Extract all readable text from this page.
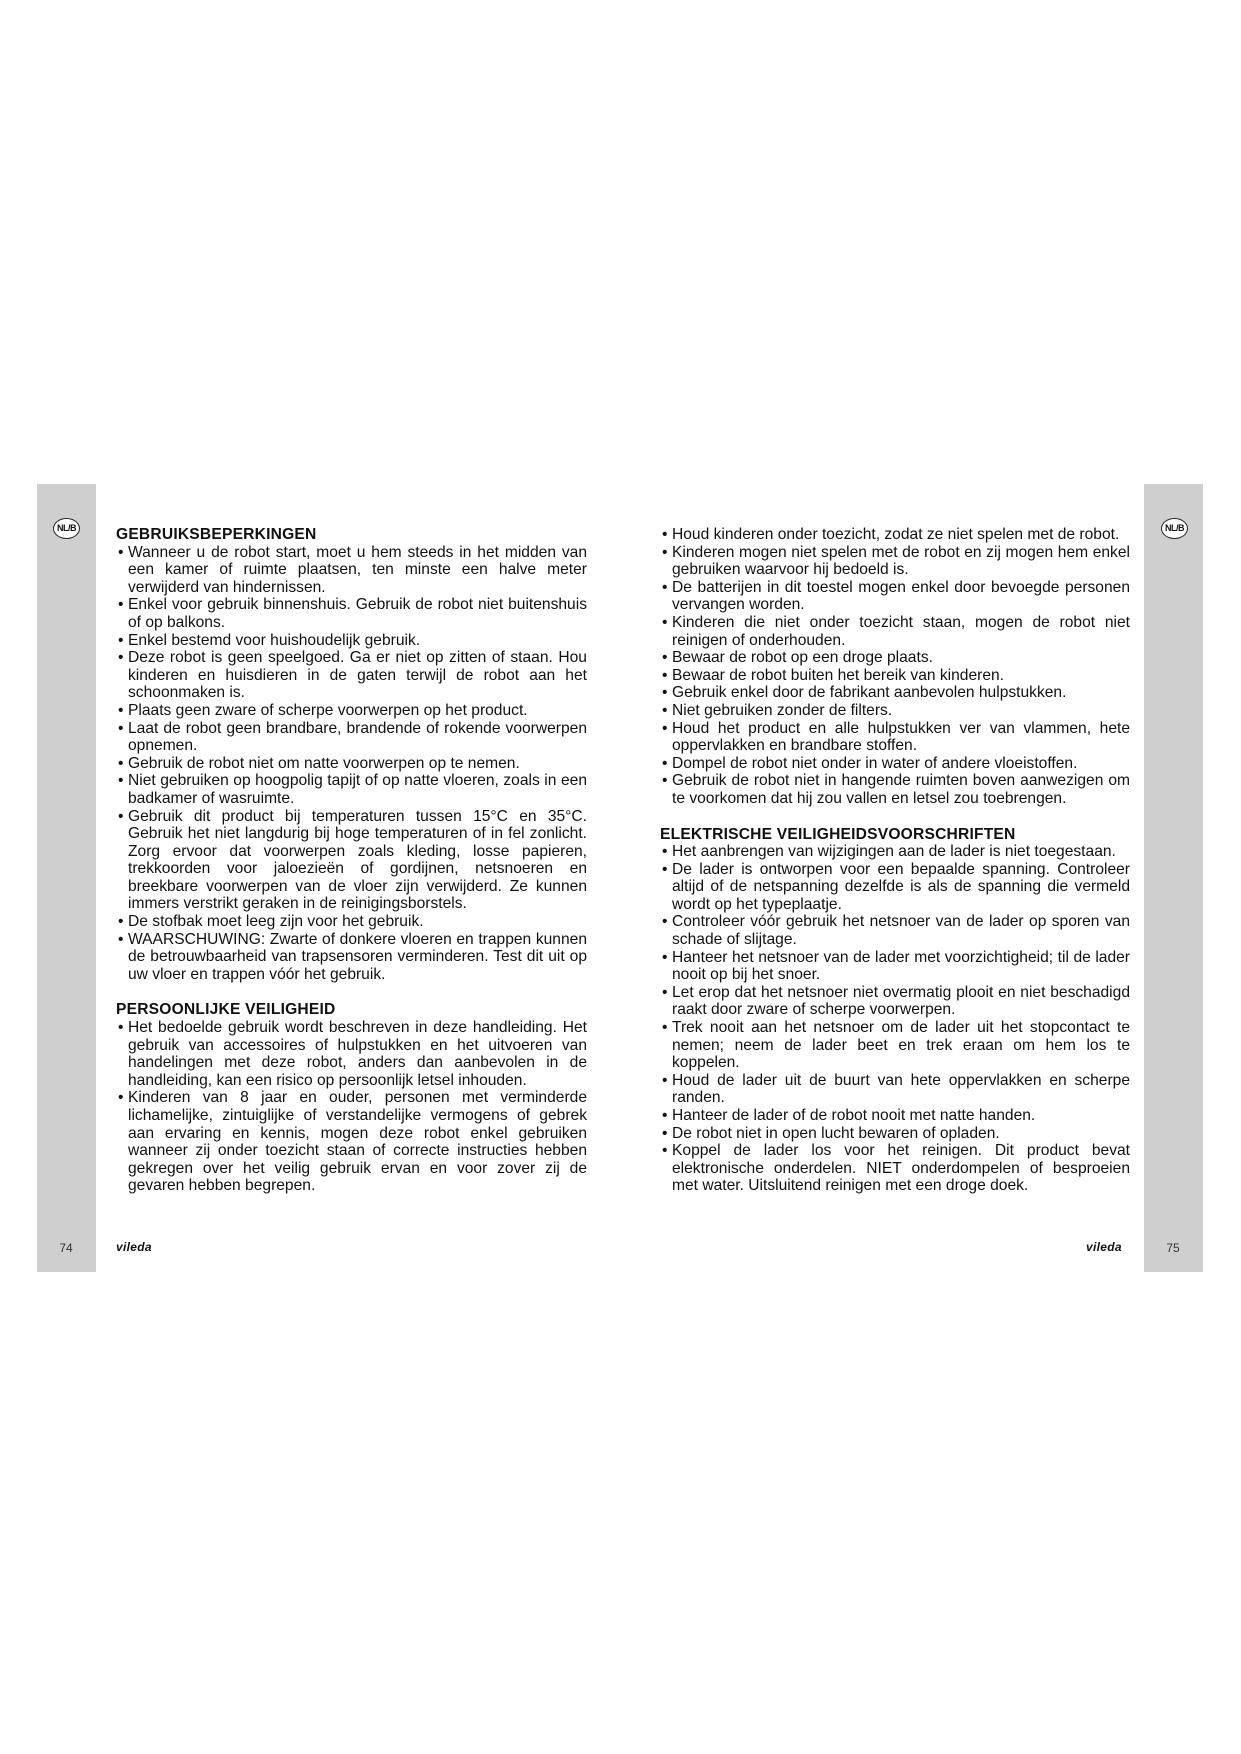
NL/B
74	vileda
GEBRUIKSBEPERKINGEN
• Wanneer u de robot start, moet u hem steeds in het midden van een kamer of ruimte plaatsen, ten minste een halve meter verwijderd van hindernissen.
• Enkel voor gebruik binnenshuis. Gebruik de robot niet buitenshuis of op balkons.
• Enkel bestemd voor huishoudelijk gebruik.
• Deze robot is geen speelgoed. Ga er niet op zitten of staan. Hou kinderen en huisdieren in de gaten terwijl de robot aan het schoonmaken is.
• Plaats geen zware of scherpe voorwerpen op het product.
• Laat de robot geen brandbare, brandende of rokende voorwerpen opnemen.
• Gebruik de robot niet om natte voorwerpen op te nemen.
• Niet gebruiken op hoogpolig tapijt of op natte vloeren, zoals in een badkamer of wasruimte.
• Gebruik dit product bij temperaturen tussen 15°C en 35°C. Gebruik het niet langdurig bij hoge temperaturen of in fel zonlicht. Zorg ervoor dat voorwerpen zoals kleding, losse papieren, trekkoorden voor jaloezieën of gordijnen, netsnoeren en breekbare voorwerpen van de vloer zijn verwijderd. Ze kunnen immers verstrikt geraken in de reinigingsborstels.
• De stofbak moet leeg zijn voor het gebruik.
• WAARSCHUWING: Zwarte of donkere vloeren en trappen kunnen de betrouwbaarheid van trapsensoren verminderen. Test dit uit op uw vloer en trappen vóór het gebruik.
PERSOONLIJKE VEILIGHEID
• Het bedoelde gebruik wordt beschreven in deze handleiding. Het gebruik van accessoires of hulpstukken en het uitvoeren van handelingen met deze robot, anders dan aanbevolen in de handleiding, kan een risico op persoonlijk letsel inhouden.
• Kinderen van 8 jaar en ouder, personen met verminderde lichamelijke, zintuiglijke of verstandelijke vermogens of gebrek aan ervaring en kennis, mogen deze robot enkel gebruiken wanneer zij onder toezicht staan of correcte instructies hebben gekregen over het veilig gebruik ervan en voor zover zij de gevaren hebben begrepen.
NL/B
75
vileda
• Houd kinderen onder toezicht, zodat ze niet spelen met de robot.
• Kinderen mogen niet spelen met de robot en zij mogen hem enkel gebruiken waarvoor hij bedoeld is.
• De batterijen in dit toestel mogen enkel door bevoegde personen vervangen worden.
• Kinderen die niet onder toezicht staan, mogen de robot niet reinigen of onderhouden.
• Bewaar de robot op een droge plaats.
• Bewaar de robot buiten het bereik van kinderen.
• Gebruik enkel door de fabrikant aanbevolen hulpstukken.
• Niet gebruiken zonder de filters.
• Houd het product en alle hulpstukken ver van vlammen, hete oppervlakken en brandbare stoffen.
• Dompel de robot niet onder in water of andere vloeistoffen.
• Gebruik de robot niet in hangende ruimten boven aanwezigen om te voorkomen dat hij zou vallen en letsel zou toebrengen.
ELEKTRISCHE VEILIGHEIDSVOORSCHRIFTEN
• Het aanbrengen van wijzigingen aan de lader is niet toegestaan.
• De lader is ontworpen voor een bepaalde spanning. Controleer altijd of de netspanning dezelfde is als de spanning die vermeld wordt op het typeplaatje.
• Controleer vóór gebruik het netsnoer van de lader op sporen van schade of slijtage.
• Hanteer het netsnoer van de lader met voorzichtigheid; til de lader nooit op bij het snoer.
• Let erop dat het netsnoer niet overmatig plooit en niet beschadigd raakt door zware of scherpe voorwerpen.
• Trek nooit aan het netsnoer om de lader uit het stopcontact te nemen; neem de lader beet en trek eraan om hem los te koppelen.
• Houd de lader uit de buurt van hete oppervlakken en scherpe randen.
• Hanteer de lader of de robot nooit met natte handen.
• De robot niet in open lucht bewaren of opladen.
• Koppel de lader los voor het reinigen. Dit product bevat elektronische onderdelen. NIET onderdompelen of besproeien met water. Uitsluitend reinigen met een droge doek.
